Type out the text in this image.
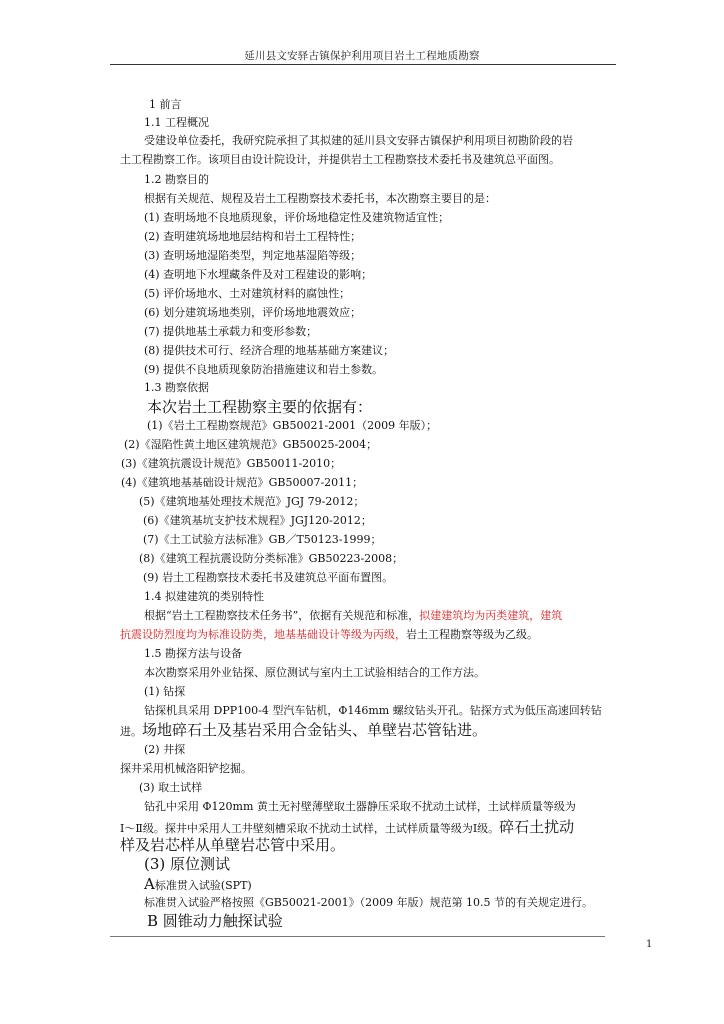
延川县文安驿古镇保护利用项目岩土工程地质勘察
1 前言
1.1 工程概况
受建设单位委托，我研究院承担了其拟建的延川县文安驿古镇保护利用项目初勘阶段的岩
土工程勘察工作。该项目由设计院设计，并提供岩土工程勘察技术委托书及建筑总平面图。
1.2 勘察目的
根据有关规范、规程及岩土工程勘察技术委托书，本次勘察主要目的是：
(1) 查明场地不良地质现象，评价场地稳定性及建筑物适宜性；
(2) 查明建筑场地地层结构和岩土工程特性；
(3) 查明场地湿陷类型，判定地基湿陷等级；
(4) 查明地下水埋藏条件及对工程建设的影响；
(5) 评价场地水、土对建筑材料的腐蚀性；
(6) 划分建筑场地类别，评价场地地震效应；
(7) 提供地基土承载力和变形参数；
(8) 提供技术可行、经济合理的地基基础方案建议；
(9) 提供不良地质现象防治措施建议和岩土参数。
1.3 勘察依据
本次岩土工程勘察主要的依据有：
(1)《岩土工程勘察规范》GB50021-2001（2009 年版）；
(2)《湿陷性黄土地区建筑规范》GB50025-2004；
(3)《建筑抗震设计规范》GB50011-2010；
(4)《建筑地基基础设计规范》GB50007-2011；
(5)《建筑地基处理技术规范》JGJ 79-2012；
(6)《建筑基坑支护技术规程》JGJ120-2012；
(7)《土工试验方法标准》GB／T50123-1999；
(8)《建筑工程抗震设防分类标准》GB50223-2008；
(9) 岩土工程勘察技术委托书及建筑总平面布置图。
1.4 拟建建筑的类别特性
根据“岩土工程勘察技术任务书”，依据有关规范和标准，拟建建筑均为丙类建筑，建筑
抗震设防烈度均为标准设防类，地基基础设计等级为丙级，岩土工程勘察等级为乙级。
1.5 勘探方法与设备
本次勘察采用外业钻探、原位测试与室内土工试验相结合的工作方法。
(1) 钻探
钻探机具采用 DPP100-4 型汽车钻机，Φ146mm 螺纹钻头开孔。钻探方式为低压高速回转钻
进。场地碎石土及基岩采用合金钻头、单壁岩芯管钻进。
(2) 井探
探井采用机械洛阳铲挖掘。
(3) 取土试样
钻孔中采用 Φ120mm 黄土无衬壁薄壁取土器静压采取不扰动土试样，土试样质量等级为
Ⅰ～Ⅱ级。探井中采用人工井壁刻槽采取不扰动土试样，土试样质量等级为Ⅰ级。碎石土扰动
样及岩芯样从单壁岩芯管中采用。
(3) 原位测试
A标准贯入试验(SPT)
标准贯入试验严格按照《GB50021-2001》（2009 年版）规范第 10.5 节的有关规定进行。
B 圆锥动力触探试验
1
